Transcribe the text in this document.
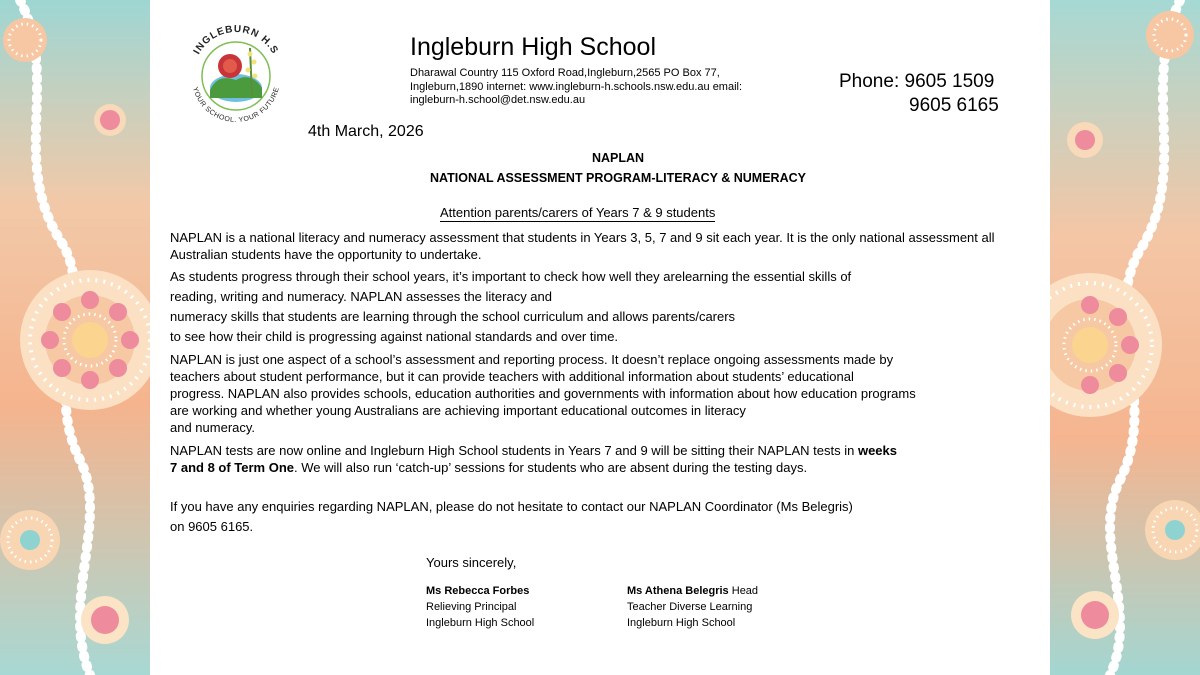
INGLEBURN H.S
YOUR SCHOOL. YOUR FUTURE
Ingleburn High School
Dharawal Country 115 Oxford Road,Ingleburn,2565 PO Box 77, Ingleburn,1890 internet: www.ingleburn-h.schools.nsw.edu.au email: ingleburn-h.school@det.nsw.edu.au
Phone: 9605 1509
9605 6165
4th March, 2026
NAPLAN
NATIONAL ASSESSMENT PROGRAM-LITERACY & NUMERACY
Attention parents/carers of Years 7 & 9 students
NAPLAN is a national literacy and numeracy assessment that students in Years 3, 5, 7 and 9 sit each year. It is the only national assessment all Australian students have the opportunity to undertake.
As students progress through their school years, it’s important to check how well they arelearning the essential skills of
reading, writing and numeracy. NAPLAN assesses the literacy and
numeracy skills that students are learning through the school curriculum and allows parents/carers
to see how their child is progressing against national standards and over time.
NAPLAN is just one aspect of a school’s assessment and reporting process. It doesn’t replace ongoing assessments made by
teachers about student performance, but it can provide teachers with additional information about students’ educational
progress. NAPLAN also provides schools, education authorities and governments with information about how education programs
are working and whether young Australians are achieving important educational outcomes in literacy
and numeracy.
NAPLAN tests are now online and Ingleburn High School students in Years 7 and 9 will be sitting their NAPLAN tests in weeks
7 and 8 of Term One. We will also run ‘catch-up’ sessions for students who are absent during the testing days.
If you have any enquiries regarding NAPLAN, please do not hesitate to contact our NAPLAN Coordinator (Ms Belegris)
on 9605 6165.
Yours sincerely,
Ms Rebecca Forbes
Relieving Principal
Ingleburn High School
Ms Athena Belegris Head
Teacher Diverse Learning
Ingleburn High School
